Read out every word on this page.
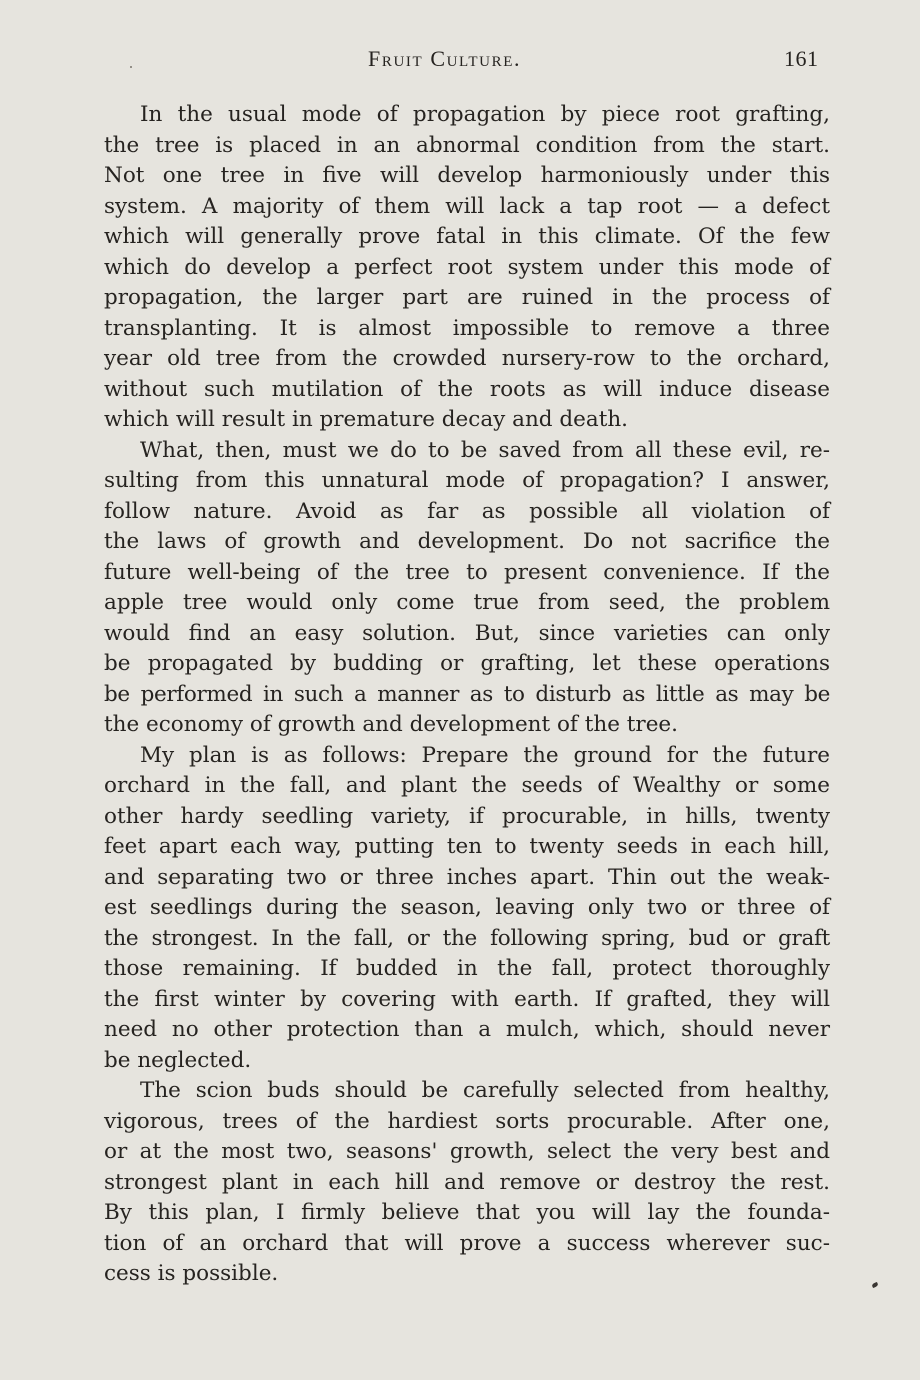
Fruit Culture.	161
In the usual mode of propagation by piece root grafting,
the tree is placed in an abnormal condition from the start.
Not one tree in five will develop harmoniously under this
system. A majority of them will lack a tap root — a defect
which will generally prove fatal in this climate. Of the few
which do develop a perfect root system under this mode of
propagation, the larger part are ruined in the process of
transplanting. It is almost impossible to remove a three
year old tree from the crowded nursery-row to the orchard,
without such mutilation of the roots as will induce disease
which will result in premature decay and death.
What, then, must we do to be saved from all these evil, re-
sulting from this unnatural mode of propagation? I answer,
follow nature. Avoid as far as possible all violation of
the laws of growth and development. Do not sacrifice the
future well-being of the tree to present convenience. If the
apple tree would only come true from seed, the problem
would find an easy solution. But, since varieties can only
be propagated by budding or grafting, let these operations
be performed in such a manner as to disturb as little as may be
the economy of growth and development of the tree.
My plan is as follows: Prepare the ground for the future
orchard in the fall, and plant the seeds of Wealthy or some
other hardy seedling variety, if procurable, in hills, twenty
feet apart each way, putting ten to twenty seeds in each hill,
and separating two or three inches apart. Thin out the weak-
est seedlings during the season, leaving only two or three of
the strongest. In the fall, or the following spring, bud or graft
those remaining. If budded in the fall, protect thoroughly
the first winter by covering with earth. If grafted, they will
need no other protection than a mulch, which, should never
be neglected.
The scion buds should be carefully selected from healthy,
vigorous, trees of the hardiest sorts procurable. After one,
or at the most two, seasons' growth, select the very best and
strongest plant in each hill and remove or destroy the rest.
By this plan, I firmly believe that you will lay the founda-
tion of an orchard that will prove a success wherever suc-
cess is possible.
